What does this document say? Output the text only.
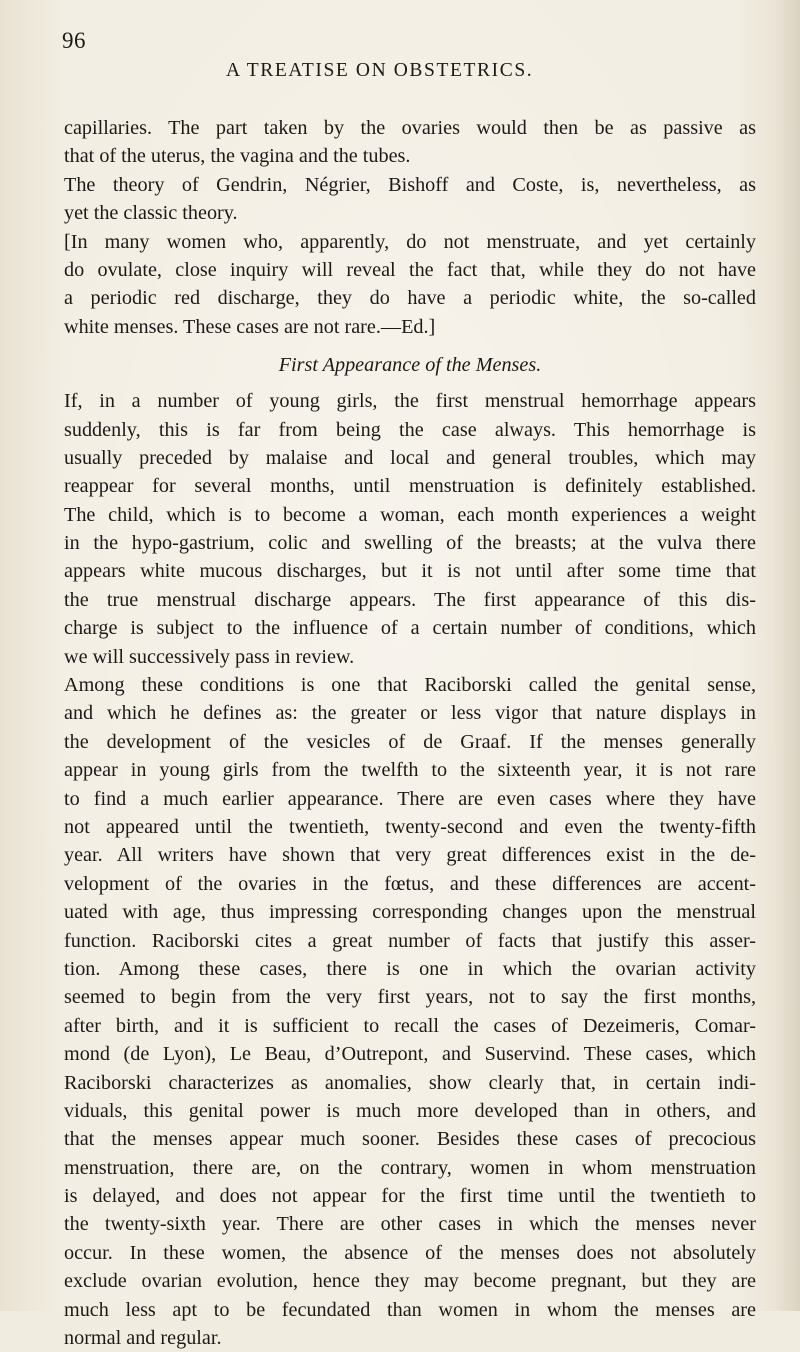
96
A TREATISE ON OBSTETRICS.
capillaries. The part taken by the ovaries would then be as passive as
that of the uterus, the vagina and the tubes.
The theory of Gendrin, Négrier, Bishoff and Coste, is, nevertheless, as
yet the classic theory.
[In many women who, apparently, do not menstruate, and yet certainly
do ovulate, close inquiry will reveal the fact that, while they do not have
a periodic red discharge, they do have a periodic white, the so-called
white menses. These cases are not rare.—Ed.]
First Appearance of the Menses.
If, in a number of young girls, the first menstrual hemorrhage appears
suddenly, this is far from being the case always. This hemorrhage is
usually preceded by malaise and local and general troubles, which may
reappear for several months, until menstruation is definitely established.
The child, which is to become a woman, each month experiences a weight
in the hypo-gastrium, colic and swelling of the breasts; at the vulva there
appears white mucous discharges, but it is not until after some time that
the true menstrual discharge appears. The first appearance of this dis-
charge is subject to the influence of a certain number of conditions, which
we will successively pass in review.
Among these conditions is one that Raciborski called the genital sense,
and which he defines as: the greater or less vigor that nature displays in
the development of the vesicles of de Graaf. If the menses generally
appear in young girls from the twelfth to the sixteenth year, it is not rare
to find a much earlier appearance. There are even cases where they have
not appeared until the twentieth, twenty-second and even the twenty-fifth
year. All writers have shown that very great differences exist in the de-
velopment of the ovaries in the fœtus, and these differences are accent-
uated with age, thus impressing corresponding changes upon the menstrual
function. Raciborski cites a great number of facts that justify this asser-
tion. Among these cases, there is one in which the ovarian activity
seemed to begin from the very first years, not to say the first months,
after birth, and it is sufficient to recall the cases of Dezeimeris, Comar-
mond (de Lyon), Le Beau, d’Outrepont, and Suservind. These cases, which
Raciborski characterizes as anomalies, show clearly that, in certain indi-
viduals, this genital power is much more developed than in others, and
that the menses appear much sooner. Besides these cases of precocious
menstruation, there are, on the contrary, women in whom menstruation
is delayed, and does not appear for the first time until the twentieth to
the twenty-sixth year. There are other cases in which the menses never
occur. In these women, the absence of the menses does not absolutely
exclude ovarian evolution, hence they may become pregnant, but they are
much less apt to be fecundated than women in whom the menses are
normal and regular.
